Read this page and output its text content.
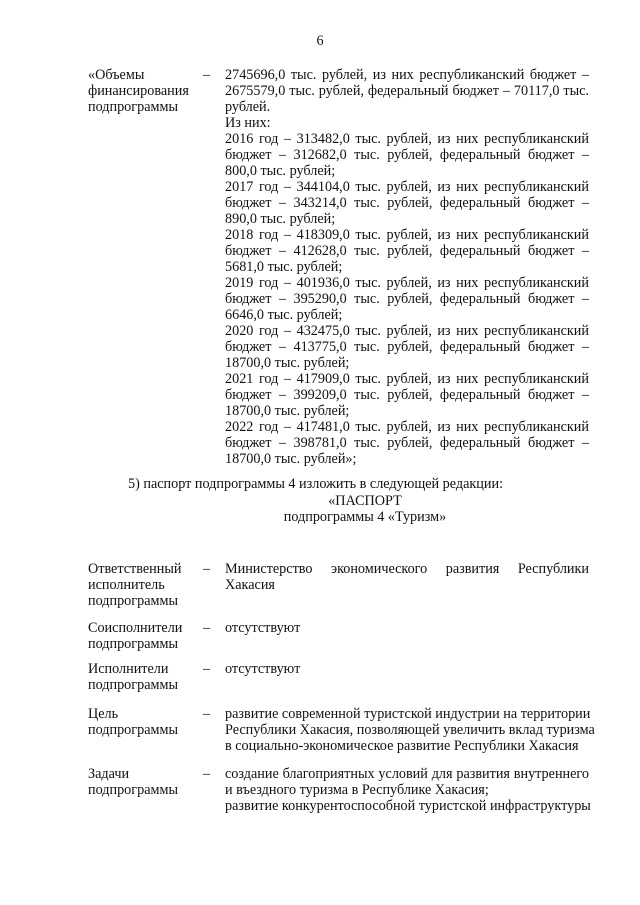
6
«Объемы
финансирования
подпрограммы
– 2745696,0 тыс. рублей, из них республиканский бюджет –
2675579,0 тыс. рублей, федеральный бюджет – 70117,0 тыс.
рублей.
Из них:
2016 год – 313482,0 тыс. рублей, из них республиканский
бюджет – 312682,0 тыс. рублей, федеральный бюджет –
800,0 тыс. рублей;
2017 год – 344104,0 тыс. рублей, из них республиканский
бюджет – 343214,0 тыс. рублей, федеральный бюджет –
890,0 тыс. рублей;
2018 год – 418309,0 тыс. рублей, из них республиканский
бюджет – 412628,0 тыс. рублей, федеральный бюджет –
5681,0 тыс. рублей;
2019 год – 401936,0 тыс. рублей, из них республиканский
бюджет – 395290,0 тыс. рублей, федеральный бюджет –
6646,0 тыс. рублей;
2020 год – 432475,0 тыс. рублей, из них республиканский
бюджет – 413775,0 тыс. рублей, федеральный бюджет –
18700,0 тыс. рублей;
2021 год – 417909,0 тыс. рублей, из них республиканский
бюджет – 399209,0 тыс. рублей, федеральный бюджет –
18700,0 тыс. рублей;
2022 год – 417481,0 тыс. рублей, из них республиканский
бюджет – 398781,0 тыс. рублей, федеральный бюджет –
18700,0 тыс. рублей»;
5) паспорт подпрограммы 4 изложить в следующей редакции:
«ПАСПОРТ
подпрограммы 4 «Туризм»
Ответственный
исполнитель
подпрограммы
– Министерство экономического развития Республики
Хакасия
Соисполнители
подпрограммы
– отсутствуют
Исполнители
подпрограммы
– отсутствуют
Цель
подпрограммы
– развитие современной туристской индустрии на территории
Республики Хакасия, позволяющей увеличить вклад туризма
в социально-экономическое развитие Республики Хакасия
Задачи
подпрограммы
– создание благоприятных условий для развития внутреннего
и въездного туризма в Республике Хакасия;
развитие конкурентоспособной туристской инфраструктуры
